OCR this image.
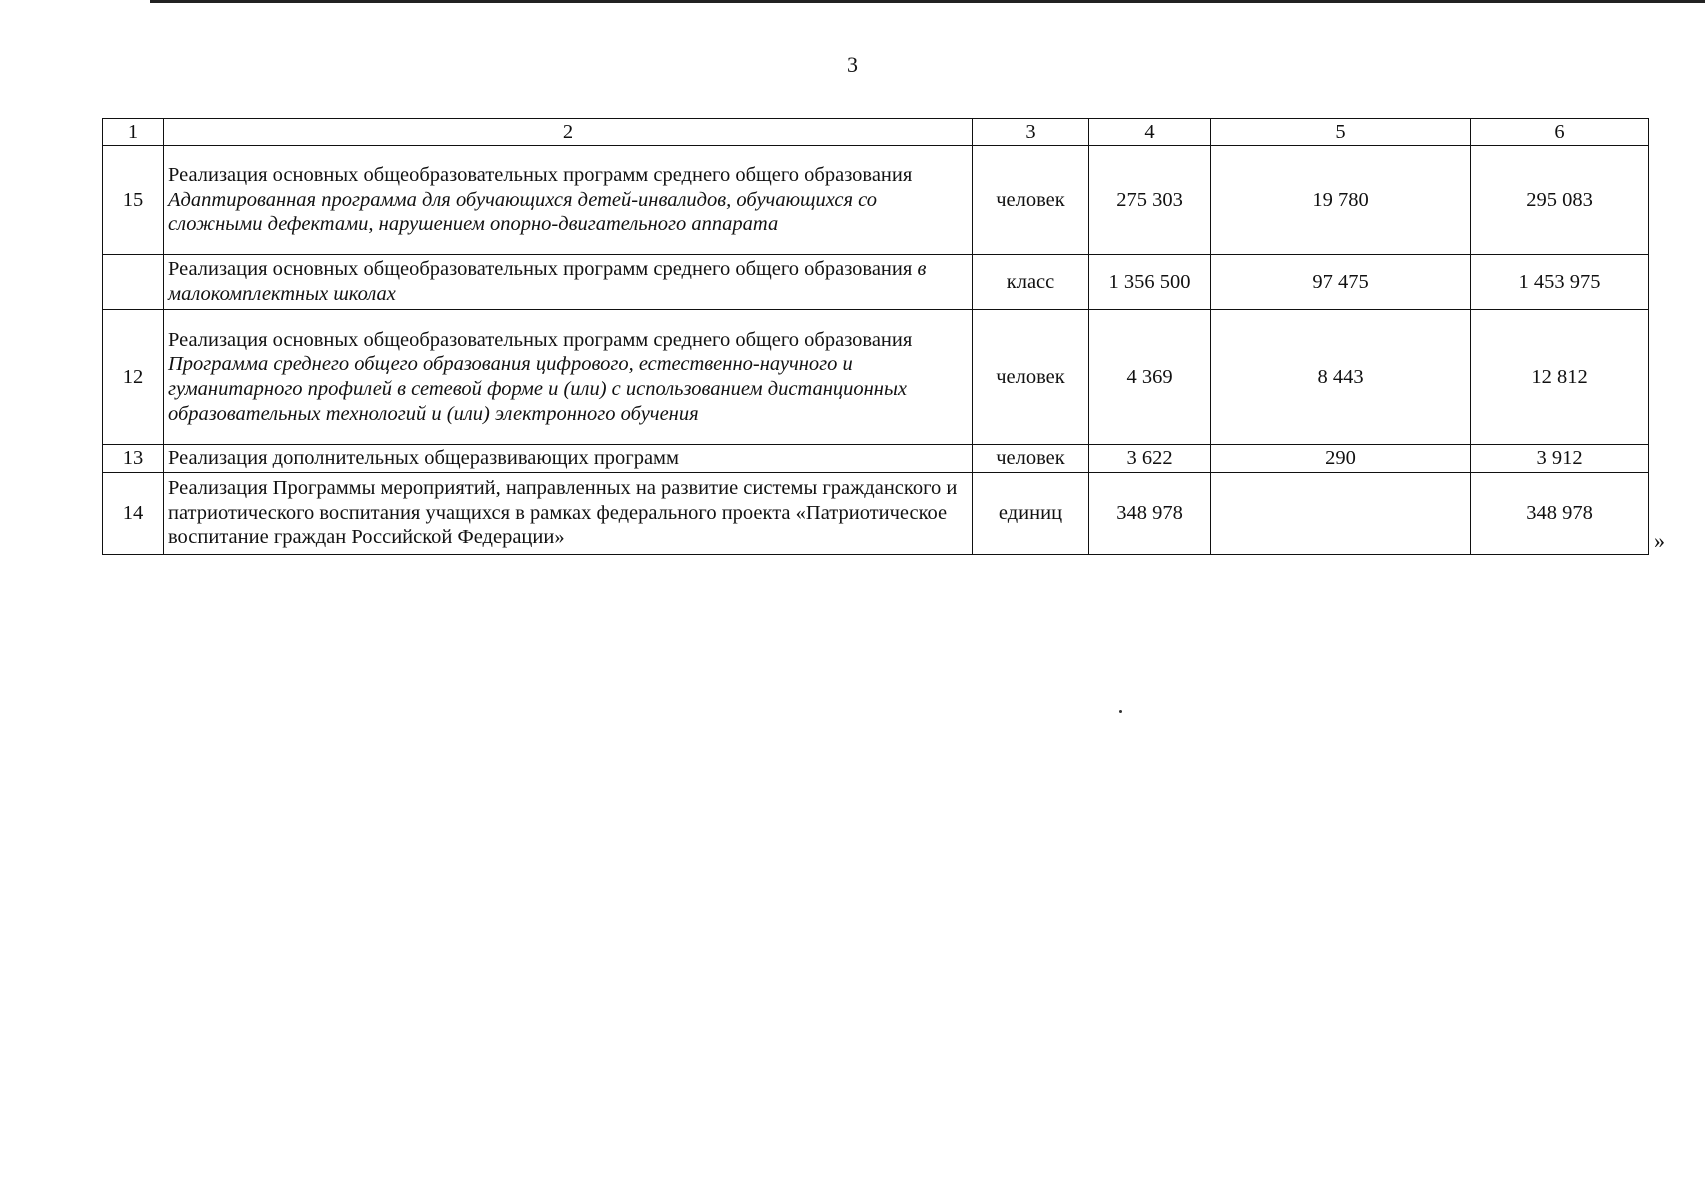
3
1	2	3	4	5	6
15	Реализация основных общеобразовательных программ среднего общего образования Адаптированная программа для обучающихся детей-инвалидов, обучающихся со сложными дефектами, нарушением опорно-двигательного аппарата	человек	275 303	19 780	295 083
	Реализация основных общеобразовательных программ среднего общего образования в малокомплектных школах	класс	1 356 500	97 475	1 453 975
12	Реализация основных общеобразовательных программ среднего общего образования Программа среднего общего образования цифрового, естественно-научного и гуманитарного профилей в сетевой форме и (или) с использованием дистанционных образовательных технологий и (или) электронного обучения	человек	4 369	8 443	12 812
13	Реализация дополнительных общеразвивающих программ	человек	3 622	290	3 912
14	Реализация Программы мероприятий, направленных на развитие системы гражданского и патриотического воспитания учащихся в рамках федерального проекта «Патриотическое воспитание граждан Российской Федерации»	единиц	348 978		348 978
»
